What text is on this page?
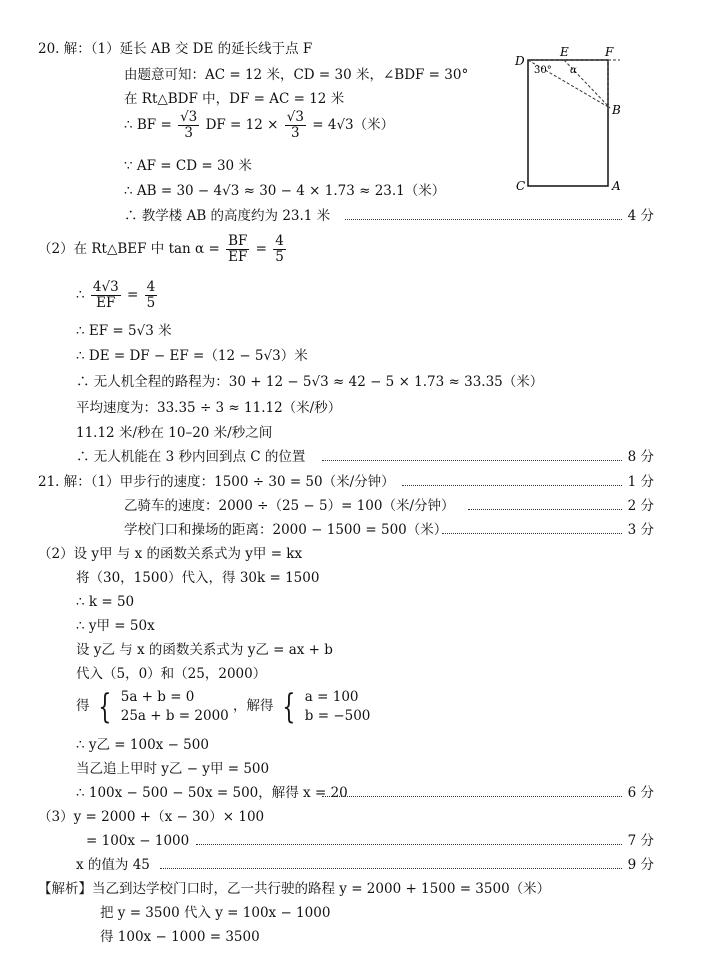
20. 解：（1）延长 AB 交 DE 的延长线于点 F
由题意可知：AC = 12 米，CD = 30 米，∠BDF = 30°
在 Rt△BDF 中，DF = AC = 12 米
∴ BF = $\frac{√3}{3}$ DF = $12 \times \frac{√3}{3} = 4√3$（米）
∵ AF = CD = 30 米
∴ AB = 30 − 4√3 ≈ 30 − 4 × 1.73 ≈ 23.1（米）
∴ 教学楼 AB 的高度约为 23.1 米	4 分
D
E	F
B
C	A
30° α
（2）在 Rt△BEF 中 $\tan \alpha = \frac{BF}{EF} = \frac{4}{5}$
∴ $\frac{4√3}{EF} = \frac{4}{5}$
∴ EF = 5√3 米
∴ DE = DF − EF =（12 − 5√3）米
∴ 无人机全程的路程为：30 + 12 − 5√3 ≈ 42 − 5 × 1.73 ≈ 33.35（米）
平均速度为：33.35 ÷ 3 ≈ 11.12（米/秒）
11.12 米/秒在 10–20 米/秒之间
∴ 无人机能在 3 秒内回到点 C 的位置	8 分
21. 解：（1）甲步行的速度：1500 ÷ 30 = 50（米/分钟）	1 分
乙骑车的速度：2000 ÷（25 − 5）= 100（米/分钟）	2 分
学校门口和操场的距离：2000 − 1500 = 500（米）	3 分
（2）设 y甲 与 x 的函数关系式为 y甲 = kx
将（30，1500）代入，得 30k = 1500
∴ k = 50
∴ y甲 = 50x
设 y乙 与 x 的函数关系式为 y乙 = ax + b
代入（5，0）和（25，2000）
得 { 5a + b = 0
25a + b = 2000
，解得 { a = 100
b = −500
∴ y乙 = 100x − 500
当乙追上甲时 y乙 − y甲 = 500
∴ 100x − 500 − 50x = 500，解得 x = 20	6 分
（3）y = 2000 +（x − 30）× 100
= 100x − 1000	7 分
x 的值为 45	9 分
【解析】当乙到达学校门口时，乙一共行驶的路程 y = 2000 + 1500 = 3500（米）
把 y = 3500 代入 y = 100x − 1000
得 100x − 1000 = 3500
